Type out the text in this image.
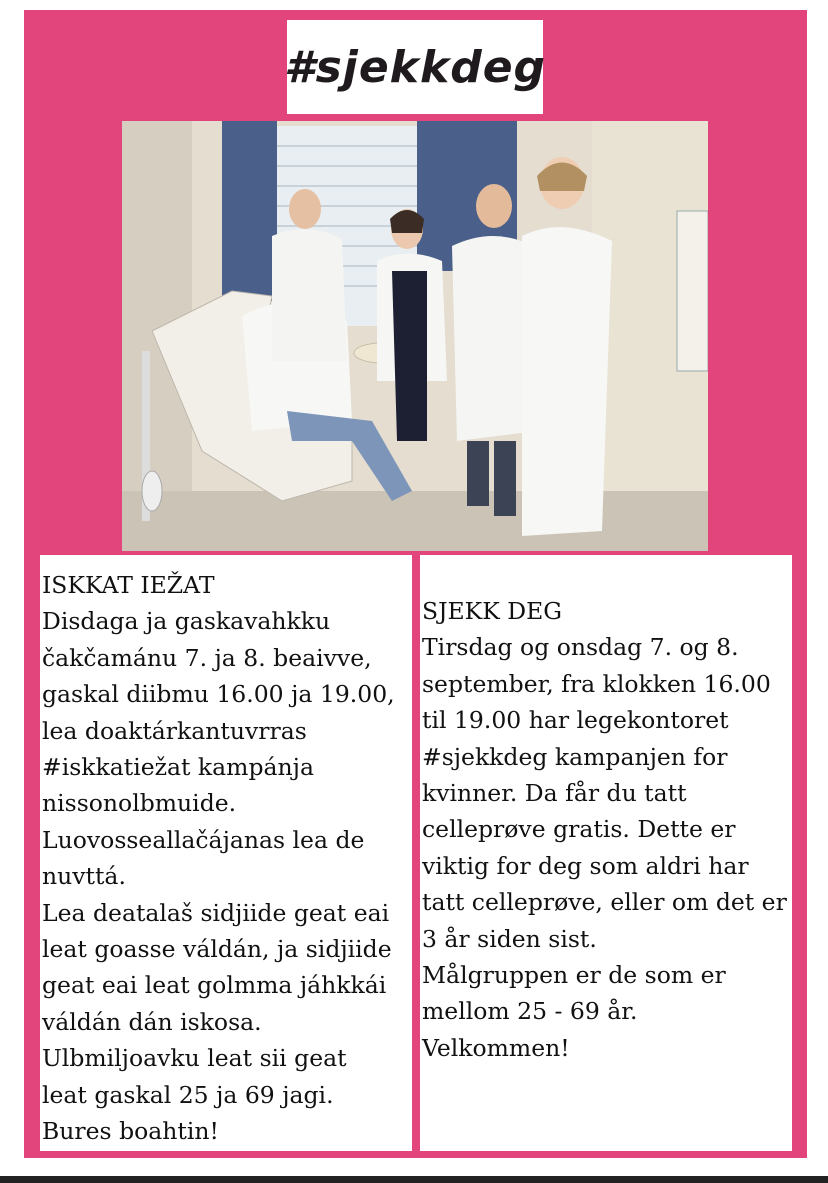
#sjekkdeg
ISKKAT IEŽAT
Disdaga ja gaskavahkku
čakčamánu 7. ja 8. beaivve,
gaskal diibmu 16.00 ja 19.00,
lea doaktárkantuvrras
#iskkatiežat kampánja
nissonolbmuide.
Luovosseallačájanas lea de
nuvttá.
Lea deatalaš sidjiide geat eai
leat goasse váldán, ja sidjiide
geat eai leat golmma jáhkkái
váldán dán iskosa.
Ulbmiljoavku leat sii geat
leat gaskal 25 ja 69 jagi.
Bures boahtin!
SJEKK DEG
Tirsdag og onsdag 7. og 8.
september, fra klokken 16.00
til 19.00 har legekontoret
#sjekkdeg kampanjen for
kvinner. Da får du tatt
celleprøve gratis. Dette er
viktig for deg som aldri har
tatt celleprøve, eller om det er
3 år siden sist.
Målgruppen er de som er
mellom 25 - 69 år.
Velkommen!
